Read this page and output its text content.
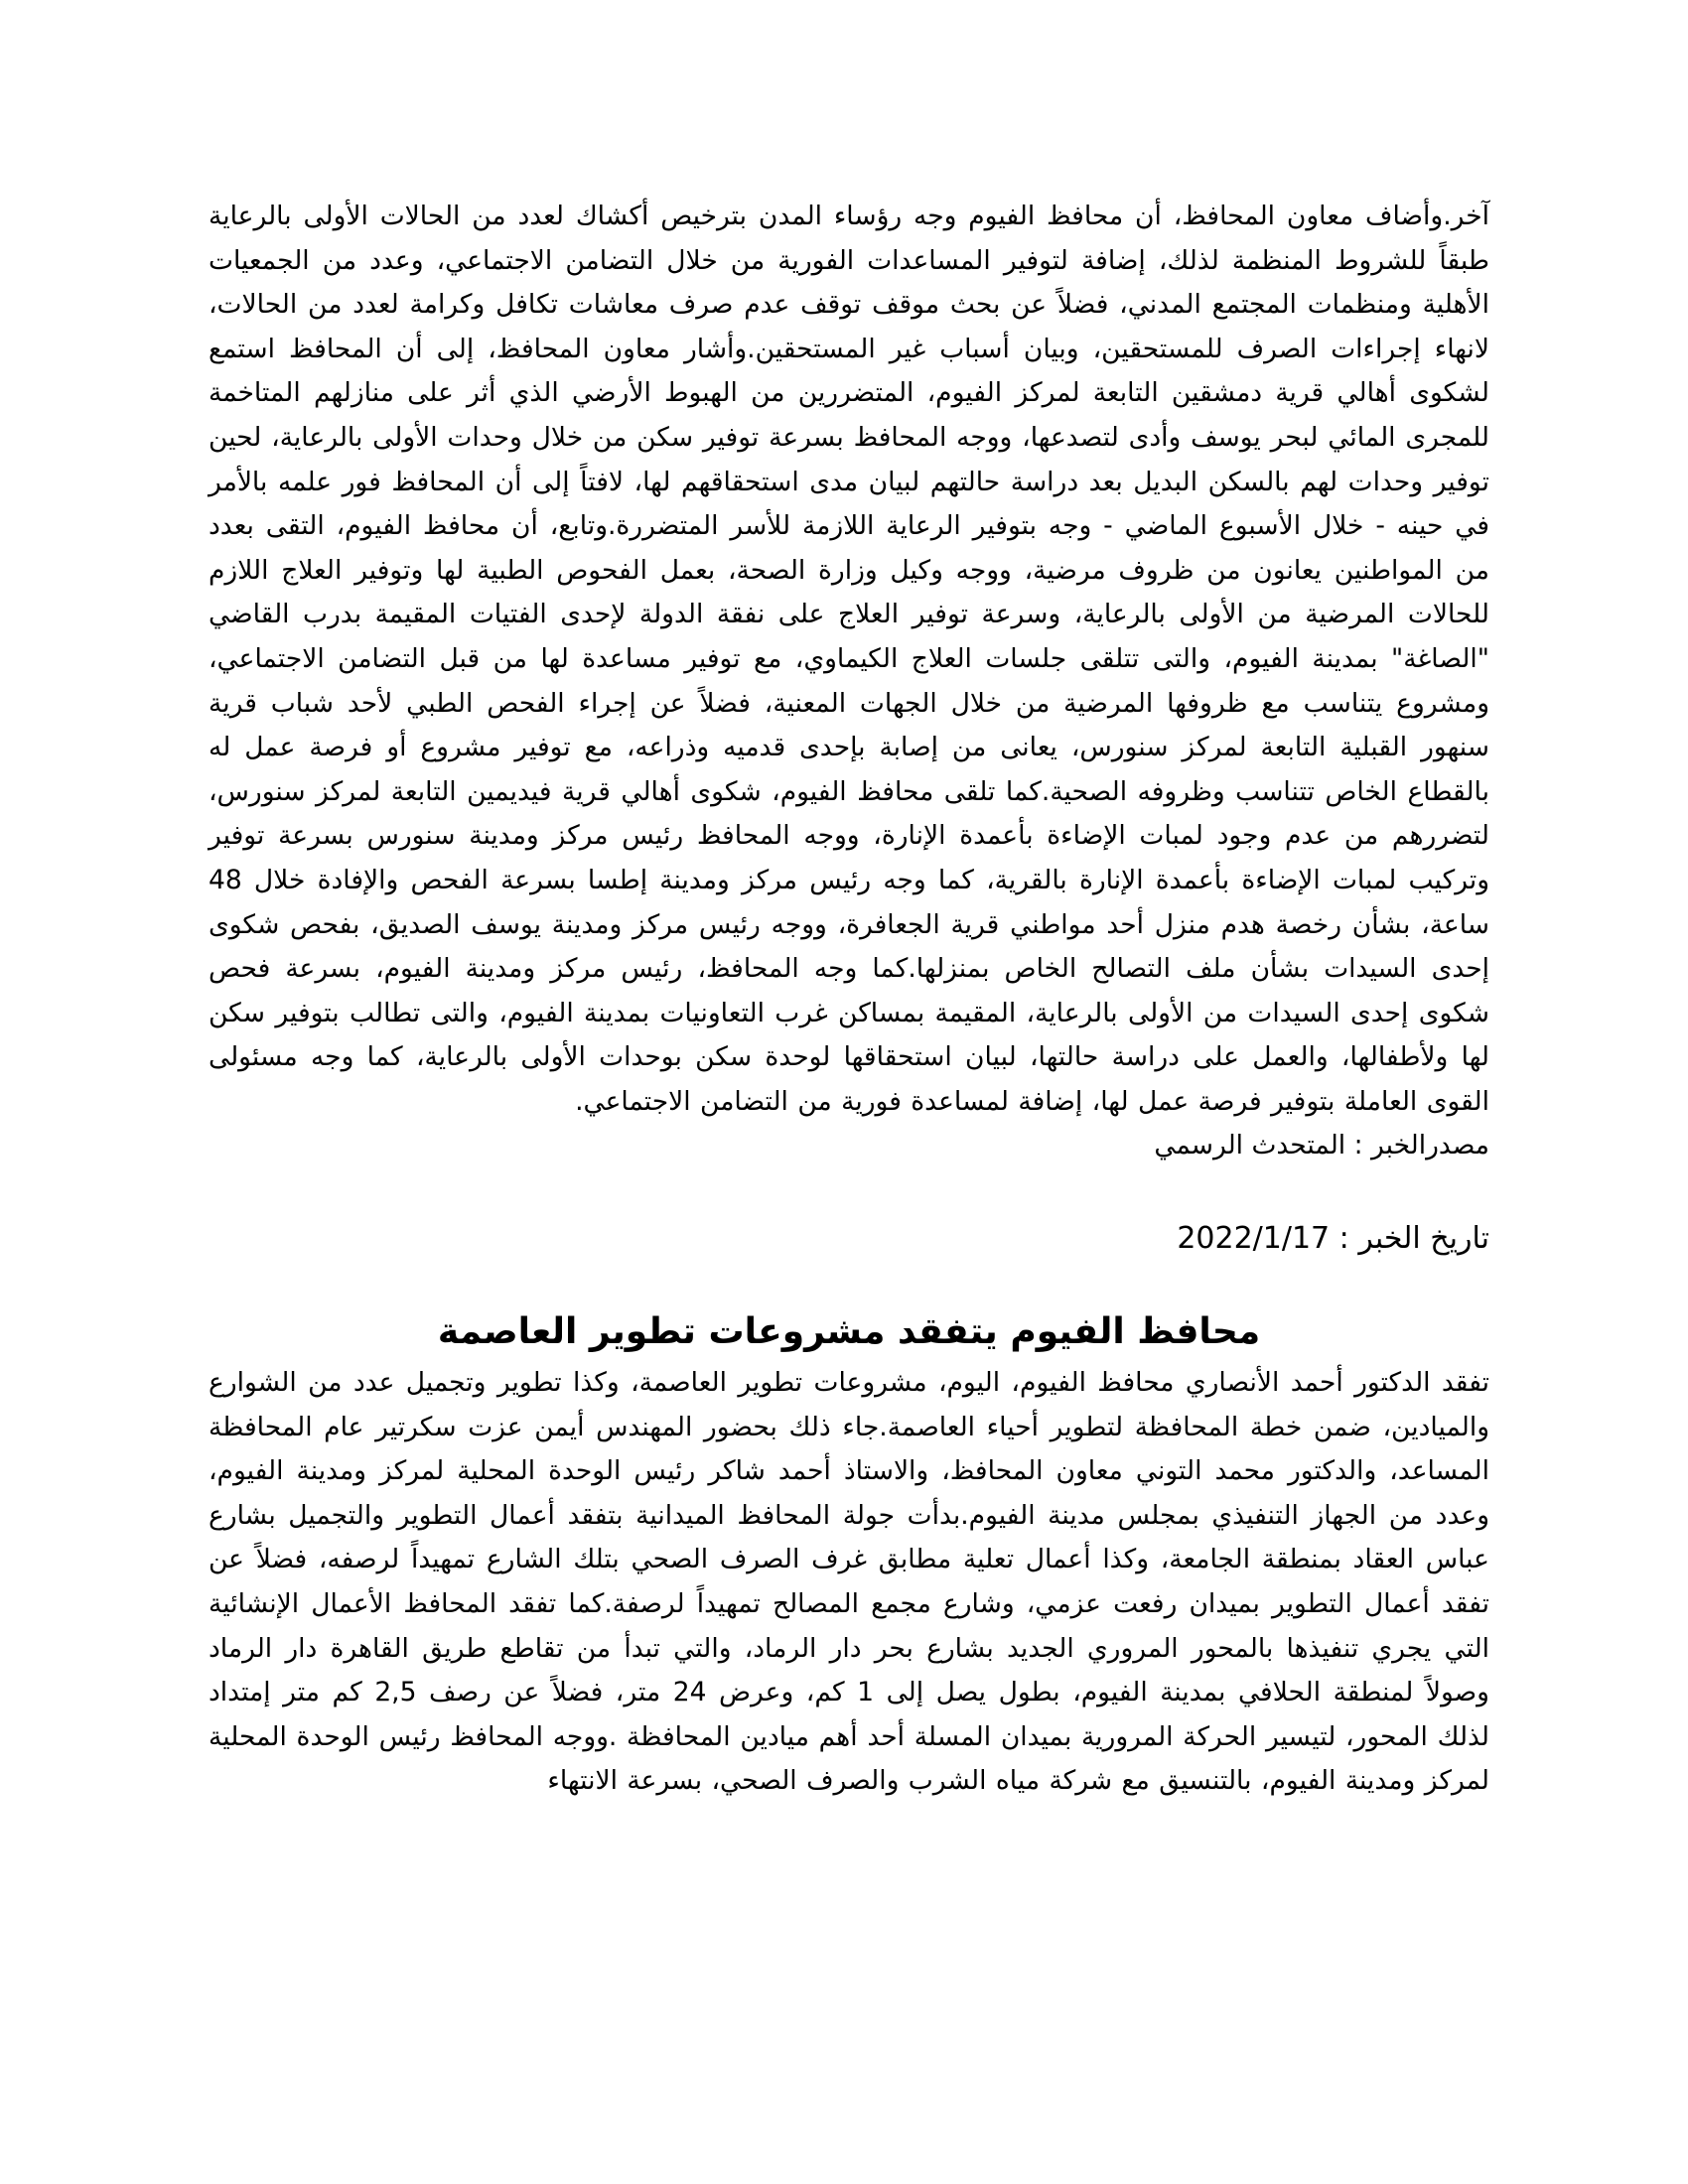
آخر.وأضاف معاون المحافظ، أن محافظ الفيوم وجه رؤساء المدن بترخيص أكشاك لعدد من الحالات الأولى بالرعاية طبقاً للشروط المنظمة لذلك، إضافة لتوفير المساعدات الفورية من خلال التضامن الاجتماعي، وعدد من الجمعيات الأهلية ومنظمات المجتمع المدني، فضلاً عن بحث موقف توقف عدم صرف معاشات تكافل وكرامة لعدد من الحالات، لانهاء إجراءات الصرف للمستحقين، وبيان أسباب غير المستحقين.وأشار معاون المحافظ، إلى أن المحافظ استمع لشكوى أهالي قرية دمشقين التابعة لمركز الفيوم، المتضررين من الهبوط الأرضي الذي أثر على منازلهم المتاخمة للمجرى المائي لبحر يوسف وأدى لتصدعها، ووجه المحافظ بسرعة توفير سكن من خلال وحدات الأولى بالرعاية، لحين توفير وحدات لهم بالسكن البديل بعد دراسة حالتهم لبيان مدى استحقاقهم لها، لافتاً إلى أن المحافظ فور علمه بالأمر في حينه - خلال الأسبوع الماضي - وجه بتوفير الرعاية اللازمة للأسر المتضررة.وتابع، أن محافظ الفيوم، التقى بعدد من المواطنين يعانون من ظروف مرضية، ووجه وكيل وزارة الصحة، بعمل الفحوص الطبية لها وتوفير العلاج اللازم للحالات المرضية من الأولى بالرعاية، وسرعة توفير العلاج على نفقة الدولة لإحدى الفتيات المقيمة بدرب القاضي "الصاغة" بمدينة الفيوم، والتى تتلقى جلسات العلاج الكيماوي، مع توفير مساعدة لها من قبل التضامن الاجتماعي، ومشروع يتناسب مع ظروفها المرضية من خلال الجهات المعنية، فضلاً عن إجراء الفحص الطبي لأحد شباب قرية سنهور القبلية التابعة لمركز سنورس، يعانى من إصابة بإحدى قدميه وذراعه، مع توفير مشروع أو فرصة عمل له بالقطاع الخاص تتناسب وظروفه الصحية.كما تلقى محافظ الفيوم، شكوى أهالي قرية فيديمين التابعة لمركز سنورس، لتضررهم من عدم وجود لمبات الإضاءة بأعمدة الإنارة، ووجه المحافظ رئيس مركز ومدينة سنورس بسرعة توفير وتركيب لمبات الإضاءة بأعمدة الإنارة بالقرية، كما وجه رئيس مركز ومدينة إطسا بسرعة الفحص والإفادة خلال 48 ساعة، بشأن رخصة هدم منزل أحد مواطني قرية الجعافرة، ووجه رئيس مركز ومدينة يوسف الصديق، بفحص شكوى إحدى السيدات بشأن ملف التصالح الخاص بمنزلها.كما وجه المحافظ، رئيس مركز ومدينة الفيوم، بسرعة فحص شكوى إحدى السيدات من الأولى بالرعاية، المقيمة بمساكن غرب التعاونيات بمدينة الفيوم، والتى تطالب بتوفير سكن لها ولأطفالها، والعمل على دراسة حالتها، لبيان استحقاقها لوحدة سكن بوحدات الأولى بالرعاية، كما وجه مسئولى القوى العاملة بتوفير فرصة عمل لها، إضافة لمساعدة فورية من التضامن الاجتماعي.

مصدرالخبر : المتحدث الرسمي

تاريخ الخبر : 2022/1/17

محافظ الفيوم يتفقد مشروعات تطوير العاصمة

تفقد الدكتور أحمد الأنصاري محافظ الفيوم، اليوم، مشروعات تطوير العاصمة، وكذا تطوير وتجميل عدد من الشوارع والميادين، ضمن خطة المحافظة لتطوير أحياء العاصمة.جاء ذلك بحضور المهندس أيمن عزت سكرتير عام المحافظة المساعد، والدكتور محمد التوني معاون المحافظ، والاستاذ أحمد شاكر رئيس الوحدة المحلية لمركز ومدينة الفيوم، وعدد من الجهاز التنفيذي بمجلس مدينة الفيوم.بدأت جولة المحافظ الميدانية بتفقد أعمال التطوير والتجميل بشارع عباس العقاد بمنطقة الجامعة، وكذا أعمال تعلية مطابق غرف الصرف الصحي بتلك الشارع تمهيداً لرصفه، فضلاً عن تفقد أعمال التطوير بميدان رفعت عزمي، وشارع مجمع المصالح تمهيداً لرصفة.كما تفقد المحافظ الأعمال الإنشائية التي يجري تنفيذها بالمحور المروري الجديد بشارع بحر دار الرماد، والتي تبدأ من تقاطع طريق القاهرة دار الرماد وصولاً لمنطقة الحلافي بمدينة الفيوم، بطول يصل إلى 1 كم، وعرض 24 متر، فضلاً عن رصف 2,5 كم متر إمتداد لذلك المحور، لتيسير الحركة المرورية بميدان المسلة أحد أهم ميادين المحافظة .ووجه المحافظ رئيس الوحدة المحلية لمركز ومدينة الفيوم، بالتنسيق مع شركة مياه الشرب والصرف الصحي، بسرعة الانتهاء
